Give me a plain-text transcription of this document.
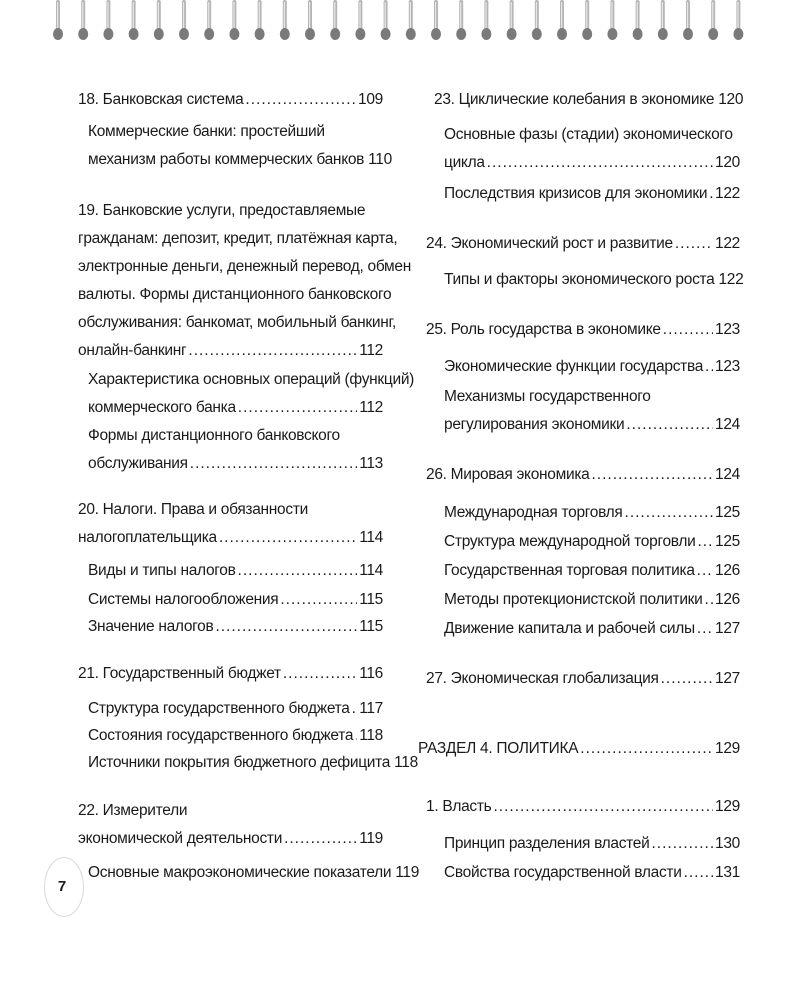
18. Банковская система .....	109
Коммерческие банки: простейший
механизм работы коммерческих банков 110
19. Банковские услуги, предоставляемые
гражданам: депозит, кредит, платёжная карта,
электронные деньги, денежный перевод, обмен
валюты. Формы дистанционного банковского
обслуживания: банкомат, мобильный банкинг,
онлайн-банкинг .....	112
Характеристика основных операций (функций)
коммерческого банка .....	112
Формы дистанционного банковского
обслуживания .....	113
20. Налоги. Права и обязанности
налогоплательщика .....	114
Виды и типы налогов .....	114
Системы налогообложения .....	115
Значение налогов .....	115
21. Государственный бюджет .....	116
Структура государственного бюджета ..... 117
Состояния государственного бюджета ..... 118
Источники покрытия бюджетного дефицита 118
22. Измерители
экономической деятельности .....	119
Основные макроэкономические показатели 119
23. Циклические колебания в экономике 120
Основные фазы (стадии) экономического
цикла .....	120
Последствия кризисов для экономики ..... 122
24. Экономический рост и развитие .....	122
Типы и факторы экономического роста 122
25. Роль государства в экономике .....	123
Экономические функции государства ..... 123
Механизмы государственного
регулирования экономики .....	124
26. Мировая экономика .....	124
Международная торговля .....	125
Структура международной торговли ..... 125
Государственная торговая политика ..... 126
Методы протекционистской политики ..... 126
Движение капитала и рабочей силы ..... 127
27. Экономическая глобализация .....	127
РАЗДЕЛ 4. ПОЛИТИКА .....	129
1. Власть .....	129
Принцип разделения властей .....	130
Свойства государственной власти ..... 131
7
